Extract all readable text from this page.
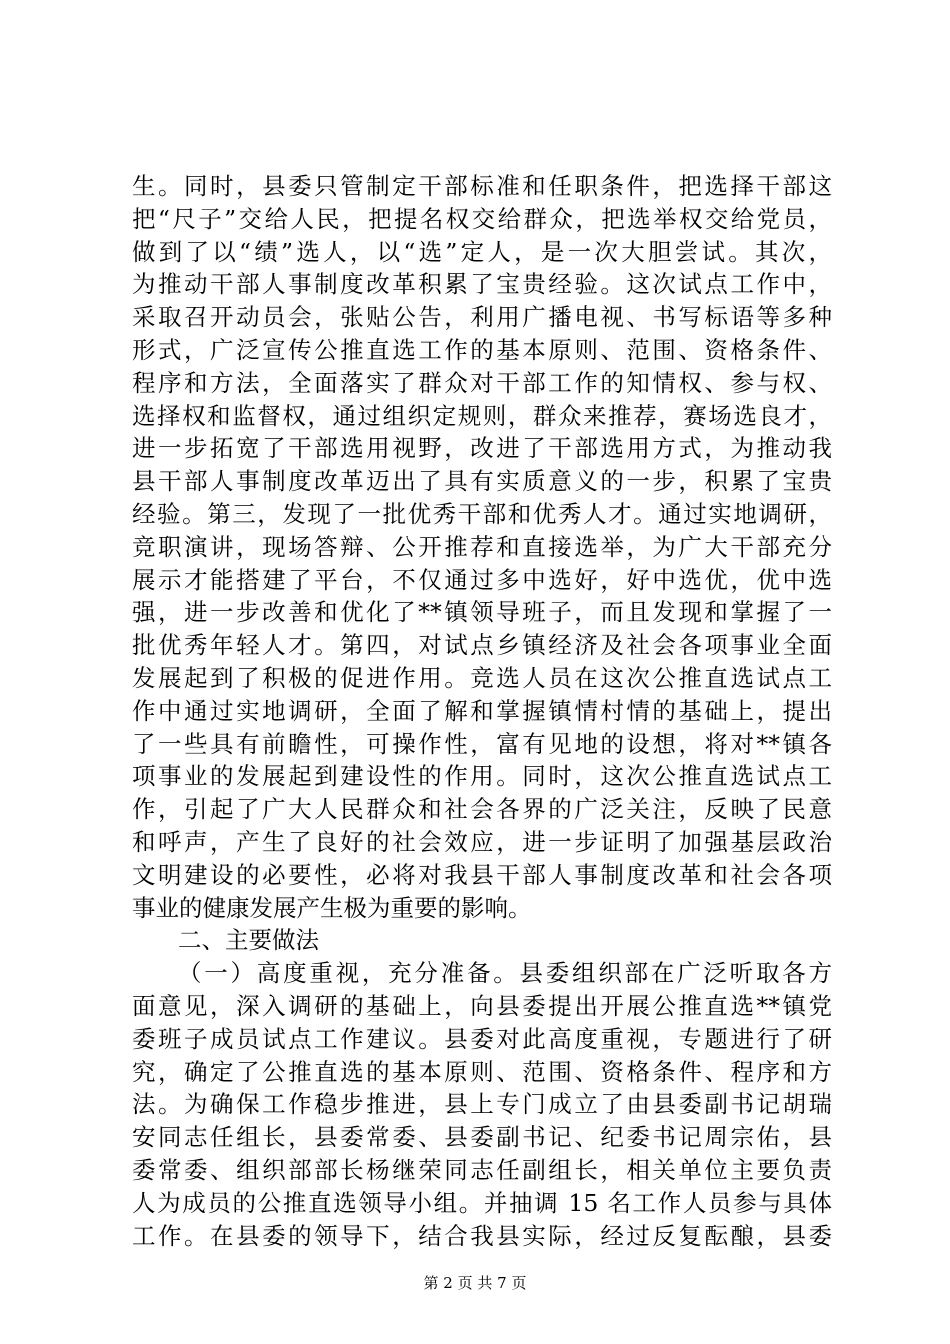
生。同时，县委只管制定干部标准和任职条件，把选择干部这
把“尺子”交给人民，把提名权交给群众，把选举权交给党员，
做到了以“绩”选人，以“选”定人，是一次大胆尝试。其次，
为推动干部人事制度改革积累了宝贵经验。这次试点工作中，
采取召开动员会，张贴公告，利用广播电视、书写标语等多种
形式，广泛宣传公推直选工作的基本原则、范围、资格条件、
程序和方法，全面落实了群众对干部工作的知情权、参与权、
选择权和监督权，通过组织定规则，群众来推荐，赛场选良才，
进一步拓宽了干部选用视野，改进了干部选用方式，为推动我
县干部人事制度改革迈出了具有实质意义的一步，积累了宝贵
经验。第三，发现了一批优秀干部和优秀人才。通过实地调研，
竞职演讲，现场答辩、公开推荐和直接选举，为广大干部充分
展示才能搭建了平台，不仅通过多中选好，好中选优，优中选
强，进一步改善和优化了**镇领导班子，而且发现和掌握了一
批优秀年轻人才。第四，对试点乡镇经济及社会各项事业全面
发展起到了积极的促进作用。竞选人员在这次公推直选试点工
作中通过实地调研，全面了解和掌握镇情村情的基础上，提出
了一些具有前瞻性，可操作性，富有见地的设想，将对**镇各
项事业的发展起到建设性的作用。同时，这次公推直选试点工
作，引起了广大人民群众和社会各界的广泛关注，反映了民意
和呼声，产生了良好的社会效应，进一步证明了加强基层政治
文明建设的必要性，必将对我县干部人事制度改革和社会各项
事业的健康发展产生极为重要的影响。
二、主要做法
（一）高度重视，充分准备。县委组织部在广泛听取各方
面意见，深入调研的基础上，向县委提出开展公推直选**镇党
委班子成员试点工作建议。县委对此高度重视，专题进行了研
究，确定了公推直选的基本原则、范围、资格条件、程序和方
法。为确保工作稳步推进，县上专门成立了由县委副书记胡瑞
安同志任组长，县委常委、县委副书记、纪委书记周宗佑，县
委常委、组织部部长杨继荣同志任副组长，相关单位主要负责
人为成员的公推直选领导小组。并抽调 15 名工作人员参与具体
工作。在县委的领导下，结合我县实际，经过反复酝酿，县委
第 2 页 共 7 页
